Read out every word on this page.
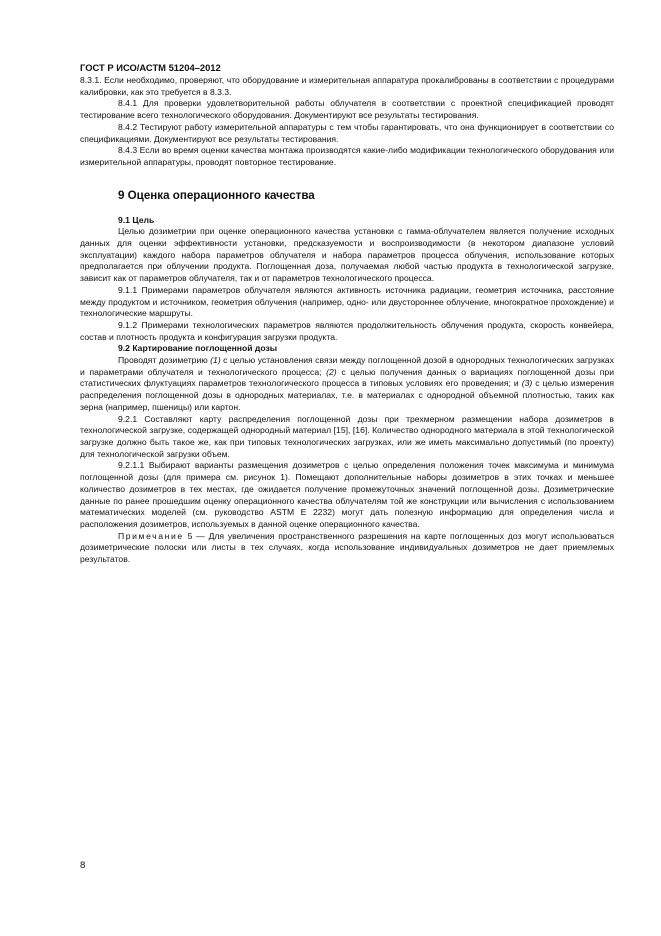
ГОСТ Р ИСО/АСТМ 51204–2012

8.3.1. Если необходимо, проверяют, что оборудование и измерительная аппаратура прокалиброваны в соответствии с процедурами калибровки, как это требуется в 8.3.3.

8.4.1 Для проверки удовлетворительной работы облучателя в соответствии с проектной спецификацией проводят тестирование всего технологического оборудования. Документируют все результаты тестирования.

8.4.2 Тестируют работу измерительной аппаратуры с тем чтобы гарантировать, что она функционирует в соответствии со спецификациями. Документируют все результаты тестирования.

8.4.3 Если во время оценки качества монтажа производятся какие-либо модификации технологического оборудования или измерительной аппаратуры, проводят повторное тестирование.

9 Оценка операционного качества
9.1 Цель

Целью дозиметрии при оценке операционного качества установки с гамма-облучателем является получение исходных данных для оценки эффективности установки, предсказуемости и воспроизводимости (в некотором диапазоне условий эксплуатации) каждого набора параметров облучателя и набора параметров процесса облучения, использование которых предполагается при облучении продукта. Поглощенная доза, получаемая любой частью продукта в технологической загрузке, зависит как от параметров облучателя, так и от параметров технологического процесса.

9.1.1 Примерами параметров облучателя являются активность источника радиации, геометрия источника, расстояние между продуктом и источником, геометрия облучения (например, одно- или двустороннее облучение, многократное прохождение) и технологические маршруты.

9.1.2 Примерами технологических параметров являются продолжительность облучения продукта, скорость конвейера, состав и плотность продукта и конфигурация загрузки продукта.

9.2 Картирование поглощенной дозы

Проводят дозиметрию (1) с целью установления связи между поглощенной дозой в однородных технологических загрузках и параметрами облучателя и технологического процесса; (2) с целью получения данных о вариациях поглощенной дозы при статистических флуктуациях параметров технологического процесса в типовых условиях его проведения; и (3) с целью измерения распределения поглощенной дозы в однородных материалах, т.е. в материалах с однородной объемной плотностью, таких как зерна (например, пшеницы) или картон.

9.2.1 Составляют карту распределения поглощенной дозы при трехмерном размещении набора дозиметров в технологической загрузке, содержащей однородный материал [15], [16]. Количество однородного материала в этой технологической загрузке должно быть такое же, как при типовых технологических загрузках, или же иметь максимально допустимый (по проекту) для технологической загрузки объем.

9.2.1.1 Выбирают варианты размещения дозиметров с целью определения положения точек максимума и минимума поглощенной дозы (для примера см. рисунок 1). Помещают дополнительные наборы дозиметров в этих точках и меньшее количество дозиметров в тех местах, где ожидается получение промежуточных значений поглощенной дозы. Дозиметрические данные по ранее прошедшим оценку операционного качества облучателям той же конструкции или вычисления с использованием математических моделей (см. руководство ASTM E 2232) могут дать полезную информацию для определения числа и расположения дозиметров, используемых в данной оценке операционного качества.

Примечание 5 — Для увеличения пространственного разрешения на карте поглощенных доз могут использоваться дозиметрические полоски или листы в тех случаях, когда использование индивидуальных дозиметров не дает приемлемых результатов.

8
